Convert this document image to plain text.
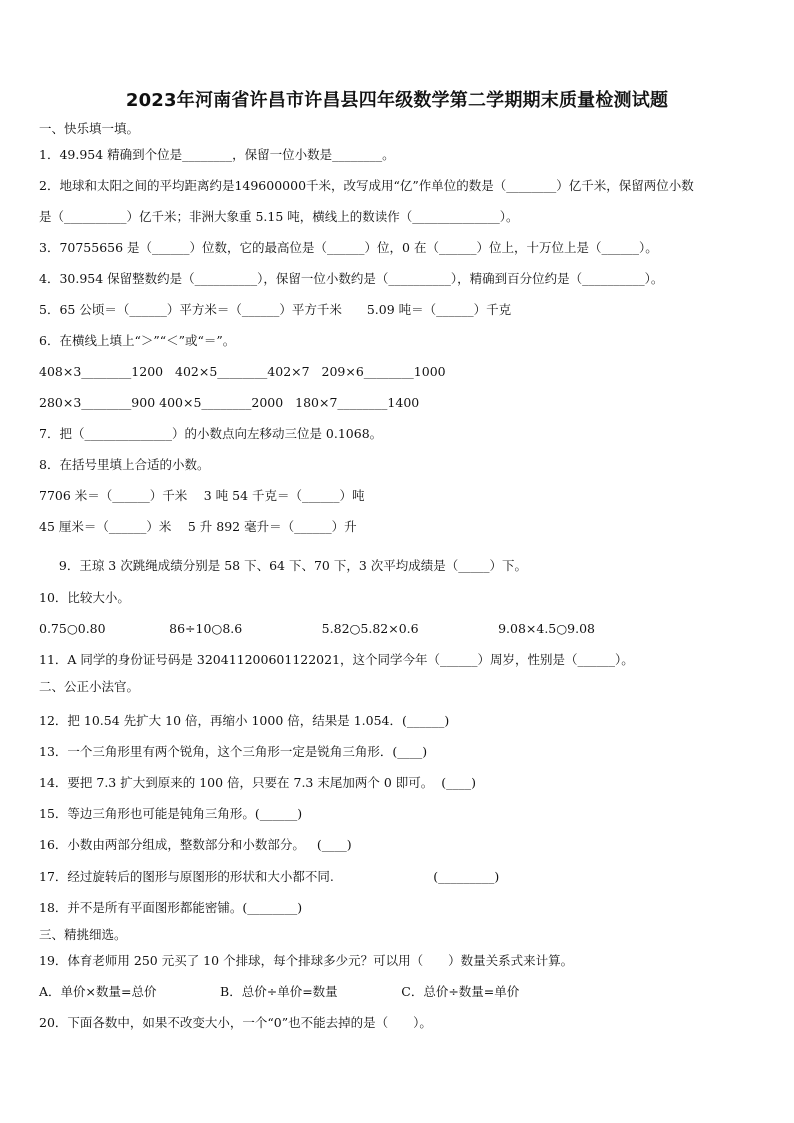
2023年河南省许昌市许昌县四年级数学第二学期期末质量检测试题
一、快乐填一填。
1．49.954 精确到个位是________，保留一位小数是________。
2．地球和太阳之间的平均距离约是149600000千米，改写成用“亿”作单位的数是（________）亿千米，保留两位小数
是（__________）亿千米；非洲大象重 5.15 吨，横线上的数读作（______________）。
3．70755656 是（______）位数，它的最高位是（______）位，0 在（______）位上，十万位上是（______）。
4．30.954 保留整数约是（__________），保留一位小数约是（__________），精确到百分位约是（__________）。
5．65 公顷＝（______）平方米＝（______）平方千米　　5.09 吨＝（______）千克
6．在横线上填上“＞”“＜”或“＝”。
408×3________1200   402×5________402×7   209×6________1000
280×3________900 400×5________2000   180×7________1400
7．把（______________）的小数点向左移动三位是 0.1068。
8．在括号里填上合适的小数。
7706 米＝（______）千米　 3 吨 54 千克＝（______）吨
45 厘米＝（______）米　 5 升 892 毫升＝（______）升
9．王琼 3 次跳绳成绩分别是 58 下、64 下、70 下，3 次平均成绩是（_____）下。
10．比较大小。
0.75○0.80                86÷10○8.6                    5.82○5.82×0.6                    9.08×4.5○9.08
11．A 同学的身份证号码是 320411200601122021，这个同学今年（______）周岁，性别是（______）。
二、公正小法官。
12．把 10.54 先扩大 10 倍，再缩小 1000 倍，结果是 1.054．(______)
13．一个三角形里有两个锐角，这个三角形一定是锐角三角形．(____)
14．要把 7.3 扩大到原来的 100 倍，只要在 7.3 末尾加两个 0 即可。  (____)
15．等边三角形也可能是钝角三角形。(______)
16．小数由两部分组成，整数部分和小数部分。   (____)
17．经过旋转后的图形与原图形的形状和大小都不同.                         (_________)
18．并不是所有平面图形都能密铺。(________)
三、精挑细选。
19．体育老师用 250 元买了 10 个排球，每个排球多少元？可以用（　　）数量关系式来计算。
A．单价×数量=总价                B．总价÷单价=数量                C．总价÷数量=单价
20．下面各数中，如果不改变大小，一个“0”也不能去掉的是（　　）。
